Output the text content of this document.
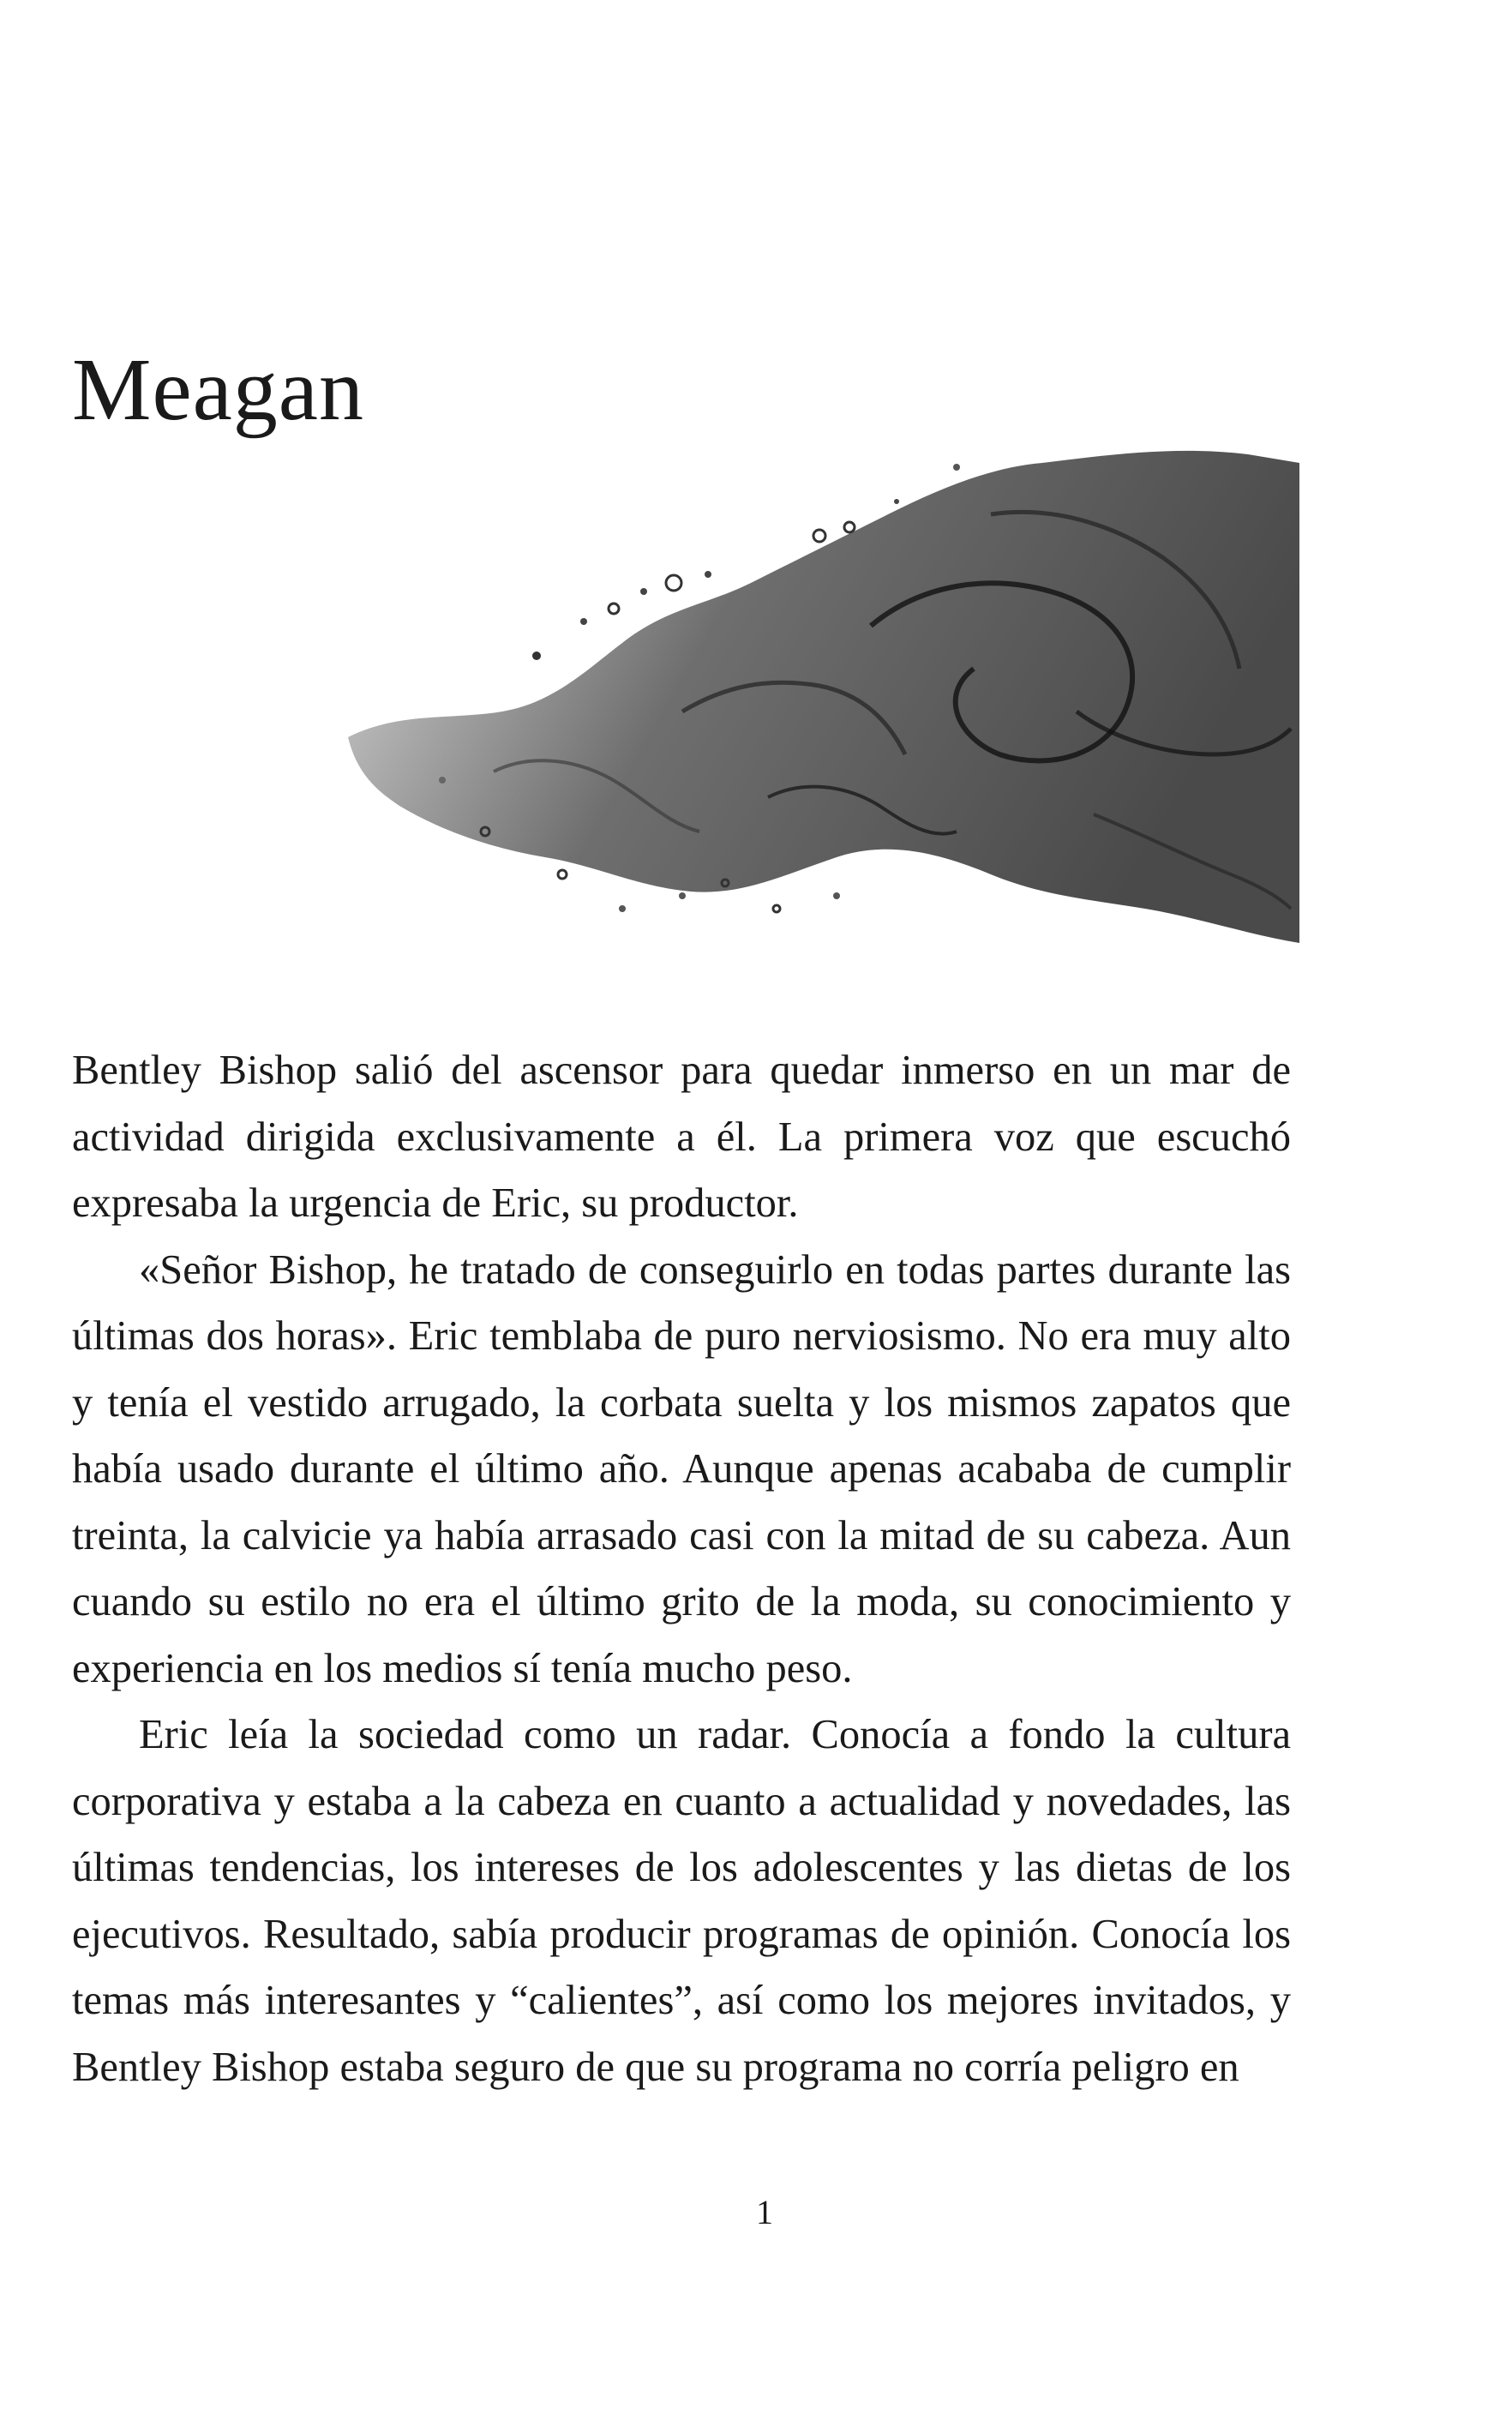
Meagan

Bentley Bishop salió del ascensor para quedar inmerso en un mar de actividad dirigida exclusivamente a él. La primera voz que escuchó expresaba la urgencia de Eric, su productor.

«Señor Bishop, he tratado de conseguirlo en todas partes durante las últimas dos horas». Eric temblaba de puro nerviosismo. No era muy alto y tenía el vestido arrugado, la corbata suelta y los mismos zapatos que había usado durante el último año. Aunque apenas acababa de cumplir treinta, la calvicie ya había arrasado casi con la mitad de su cabeza. Aun cuando su estilo no era el último grito de la moda, su conocimiento y experiencia en los medios sí tenía mucho peso.

Eric leía la sociedad como un radar. Conocía a fondo la cultura corporativa y estaba a la cabeza en cuanto a actualidad y novedades, las últimas tendencias, los intereses de los adolescentes y las dietas de los ejecutivos. Resultado, sabía producir programas de opinión. Conocía los temas más interesantes y “calientes”, así como los mejores invitados, y Bentley Bishop estaba seguro de que su programa no corría peligro en

1
